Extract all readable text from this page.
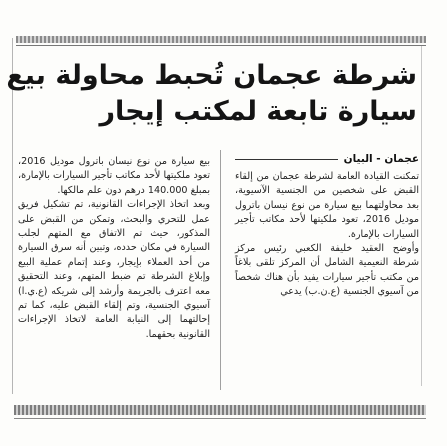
شرطة عجمان تُحبط محاولة بيع
سيارة تابعة لمكتب إيجار
عجمان - البيان

تمكنت القيادة العامة لشرطة عجمان من إلقاء القبض على شخصين من الجنسية الآسيوية، بعد محاولتهما بيع سيارة من نوع نيسان باترول موديل 2016، تعود ملكيتها لأحد مكاتب تأجير السيارات بالإمارة.

وأوضح العقيد خليفة الكعبي رئيس مركز شرطة النعيمية الشامل أن المركز تلقى بلاغاً من مكتب تأجير سيارات يفيد بأن هناك شخصاً من آسيوي الجنسية (ع.ن.ب) يدعي

بيع سيارة من نوع نيسان باترول موديل 2016، تعود ملكيتها لأحد مكاتب تأجير السيارات بالإمارة، بمبلغ 140.000 درهم دون علم مالكها.

وبعد اتخاذ الإجراءات القانونية، تم تشكيل فريق عمل للتحري والبحث، وتمكن من القبض على المذكور، حيث تم الاتفاق مع المتهم لجلب السيارة في مكان حدده، وتبين أنه سرق السيارة من أحد العملاء بإيجار، وعند إتمام عملية البيع وإبلاغ الشرطة تم ضبط المتهم، وعند التحقيق معه اعترف بالجريمة وأرشد إلى شريكه (ع.ي.ا) آسيوي الجنسية، وتم إلقاء القبض عليه، كما تم إحالتهما إلى النيابة العامة لاتخاذ الإجراءات القانونية بحقهما.
